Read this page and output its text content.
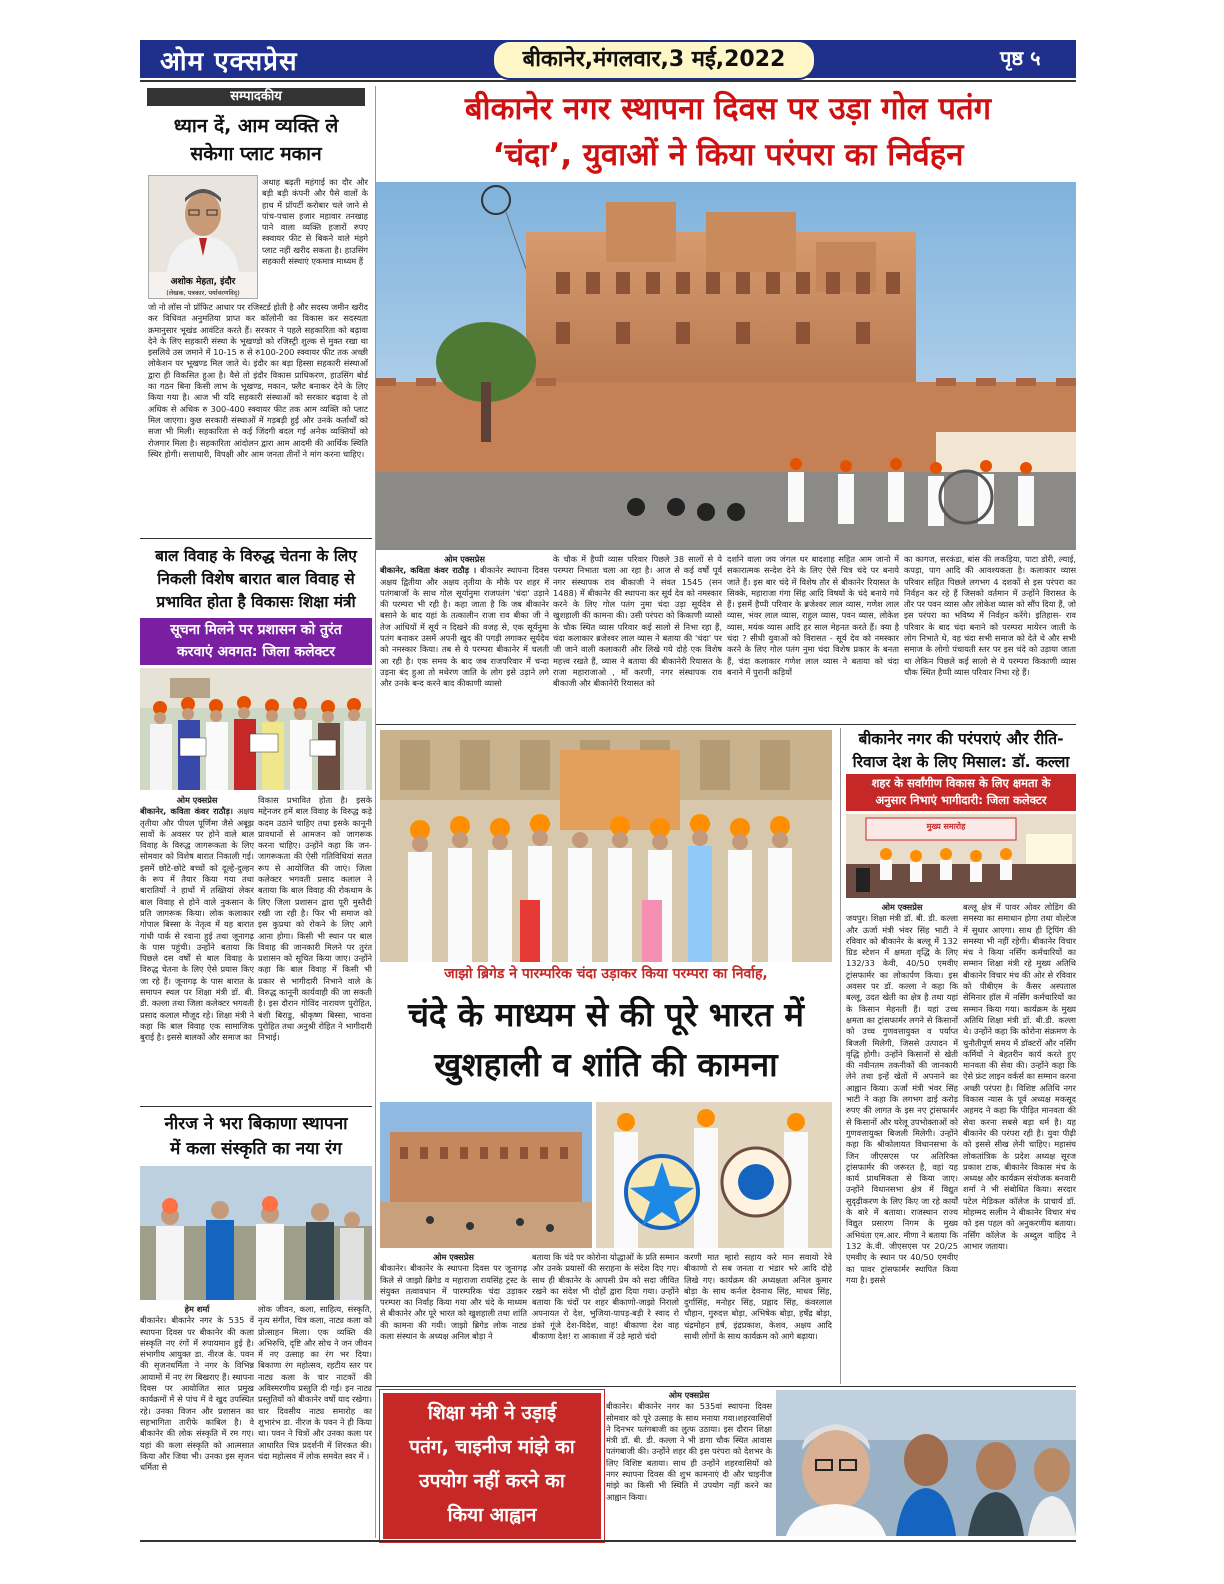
ओम एक्सप्रेस	बीकानेर,मंगलवार,3 मई,2022	पृष्ठ ५
सम्पादकीय
ध्यान दें, आम व्यक्ति ले
सकेगा प्लाट मकान
अशोक मेहता, इंदौर
(लेखक, पत्रकार, पर्यावरणविद्)
अथाह बढ़ती महंगाई का दौर और बड़ी बड़ी कंपनी और पैसे वालों के हाथ में प्रॉपर्टी करोबार चले जाने से पांच-पचास हजार महावार तनखाह पाने वाला व्यक्ति हजारों रुपए स्क्वायर फीट से बिकने वाले मंहगे प्लाट नहीं खरीद सकता है। हाउसिंग सहकारी संस्थाएं एकमात्र माध्यम हैं
जो नो लॉस नो प्रॉफिट आधार पर रजिस्टर्ड होती है और सदस्य जमीन खरीद कर विधिवत अनुमतिया प्राप्त कर कॉलोनी का विकास कर सदस्यता क्रमानुसार भूखंड आवंटित करते हैं। सरकार ने पहले सहकारिता को बढ़ावा देने के लिए सहकारी संस्था के भूखण्डो को रजिस्ट्री शुल्क से मुक्त रखा था इसलिये उस जमाने में 10-15 रु से रु100-200 स्क्वायर फीट तक अच्छी लोकेशन पर भूखण्ड मिल जाते थे। इंदौर का बड़ा हिस्सा सहकारी संस्थाओं द्वारा ही विकसित हुआ है। वैसे तो इंदौर विकास प्राधिकरण, हाउसिंग बोर्ड का गठन बिना किसी लाभ के भूखण्ड, मकान, फ्लैट बनाकर देने के लिए किया गया है। आज भी यदि सहकारी संस्थाओं को सरकार बढ़ावा दे तो अधिक से अधिक रु 300-400 स्क्वायर फीट तक आम व्यक्ति को प्लाट मिल जाएगा। कुछ सरकारी संस्थाओं में गड़बड़ी हुई और उनके कर्तार्थों को सजा भी मिली। सहकारिता से कई जिंदगी बदल गई अनेक व्यक्तियों को रोजगार मिला है। सहकारिता आंदोलन द्वारा आम आदमी की आर्थिक स्थिति स्थिर होगी। सत्ताधारी, विपक्षी और आम जनता तीनों ने मांग करना चाहिए।
बाल विवाह के विरुद्ध चेतना के लिए
निकली विशेष बारात बाल विवाह से
प्रभावित होता है विकासः शिक्षा मंत्री
सूचना मिलने पर प्रशासन को तुरंत
करवाएं अवगत: जिला कलेक्टर
ओम एक्सप्रेस
बीकानेर, कविता कंवर राठौड़। अक्षय तृतीया और पीपल पूर्णिमा जैसे अबूझ सावों के अवसर पर होने वाले बाल विवाह के विरुद्ध जागरूकता के लिए सोमवार को विशेष बारात निकाली गई। इसमें छोटे-छोटे बच्चों को दूल्हे-दुल्हन के रूप में तैयार किया गया तथा बारातियों ने हाथों में तख्तियां लेकर बाल विवाह से होने वाले नुकसान के प्रति जागरूक किया। लोक कलाकार गोपाल बिस्सा के नेतृत्व में यह बारात गांधी पार्क से रवाना हुई तथा जूनागढ़ के पास पहुंची। उन्होंने बताया कि पिछले दस वर्षों से बाल विवाह के विरुद्ध चेतना के लिए ऐसे प्रयास किए जा रहे हैं। जूनागढ़ के पास बारात के समापन स्थल पर शिक्षा मंत्री डॉ. बी. डी. कल्ला तथा जिला कलेक्टर भगवती प्रसाद कलाल मौजूद रहे। शिक्षा मंत्री ने कहा कि बाल विवाह एक सामाजिक बुराई है। इससे बालकों और समाज का
विकास प्रभावित होता है। इसके मद्देनजर हमें बाल विवाह के विरुद्ध कड़े कदम उठाने चाहिए तथा इसके कानूनी प्रावधानों से आमजन को जागरूक करना चाहिए। उन्होंने कहा कि जन-जागरूकता की ऐसी गतिविधियां सतत रूप से आयोजित की जाएं। जिला कलेक्टर भगवती प्रसाद कलाल ने बताया कि बाल विवाह की रोकथाम के लिए जिला प्रशासन द्वारा पूरी मुस्तैदी रखी जा रही है। फिर भी समाज को इस कुप्रथा को रोकने के लिए आगे आना होगा। किसी भी स्थान पर बाल विवाह की जानकारी मिलने पर तुरंत प्रशासन को सूचित किया जाए। उन्होंने कहा कि बाल विवाह में किसी भी प्रकार से भागीदारी निभाने वाले के विरुद्ध कानूनी कार्यवाही की जा सकती है। इस दौरान गोविंद नारायण पुरोहित, बंशी बिराडु, श्रीकृष्ण बिस्सा, भावना पुरोहित तथा अनुश्री रोहित ने भागीदारी निभाई।
नीरज ने भरा बिकाणा स्थापना
में कला संस्कृति का नया रंग
हेम शर्मा
बीकानेर। बीकानेर नगर के 535 वें स्थापना दिवस पर बीकानेर की कला संस्कृति नए रंगों में रुपायमान हुई है। संभागीय आयुक्त डा. नीरज के. पवन की सृजनधर्मिता ने नगर के विभिन्न आयामों में नए रंग बिखराए हैं। स्थापना दिवस पर आयोजित सात प्रमुख कार्यक्रमों में से पांच में वे खुद उपस्थित रहे। उनका विजन और प्रशासन का सहभागिता तारीफे काबिल है। वे बीकानेर की लोक संस्कृति में रम गए। यहां की कला संस्कृति को आत्मसात किया और जिया भी। उनका इस सृजन धर्मिता से
लोक जीवन, कला, साहित्य, संस्कृति, नृत्य संगीत, चित्र कला, नाट्य कला को प्रोत्साहन मिला। एक व्यक्ति की अभिरुचि, दृष्टि और सोच ने जन जीवन में नए उत्साह का रंग भर दिया। बिकाणा रंग महोत्सव, रहटीय स्तर पर नाट्य कला के चार नाटकों की अविस्मरणीय प्रस्तुति दी गई। इन नाट्य प्रस्तुतियों को बीकानेर वर्षो याद रखेगा। चार दिवसीय नाट्य समारोह का शुभारंभ डा. नीरज के पवन ने ही किया था। पवन ने चित्रों और उनका कला पर आधारित चित्र प्रदर्शनी में शिरकत की। चंदा महोत्सव में लोक समवेत स्वर में ।
बीकानेर नगर स्थापना दिवस पर उड़ा गोल पतंग
‘चंदा’, युवाओं ने किया परंपरा का निर्वहन
ओम एक्सप्रेस
बीकानेर, कविता कंवर राठौड़ । बीकानेर स्थापना दिवस अक्षय द्वितीया और अक्षय तृतीया के मौके पर शहर में पतंगबाजों के साथ गोल सूर्यानुमा राजपतंग 'चंदा' उड़ाने की परम्परा भी रही है। कहा जाता है कि जब बीकानेर बसाने के बाद यहां के तत्कालीन राजा राव बीका जी ने तेज आंधियों में सूर्य न दिखने की वजह से, एक सूर्यनुमा पतंग बनाकर उसमें अपनी खुद की पगड़ी लगाकर सूर्यदेव को नमस्कार किया। तब से ये परम्परा बीकानेर में चलती आ रही है। एक समय के बाद जब राजपरिवार में चन्दा उड़ना बंद हुआ तो मथेरण जाति के लोग इसे उड़ाने लगे और उनके बन्द करने बाद कीकाणी व्यासो
के चौक में हैप्पी व्यास परिवार पिछले 38 सालों से ये परम्परा निभाता चला आ रहा है। आज से कई वर्षों पूर्व नगर संस्थापक राव बीकाजी ने संवत 1545 (सन 1488) में बीकानेर की स्थापना कर सूर्य देव को नमस्कार करने के लिए गोल पतंग नुमा चंदा उड़ा सूर्यदेव से खुशहाली की कामना की। उसी परंपरा को किकाणी व्यासो के चौक स्थित व्यास परिवार कई सालो से निभा रहा हैं, चंदा कलाकार ब्रजेश्वर लाल व्यास ने बताया की 'चंदा' पर जी जाने वाली कलाकारी और लिखे गये दोहे एक विशेष महत्त्व रखते हैं, व्यास ने बताया की बीकानेरी रियासत के राजा महाराजाओ , माँ करणी, नगर संस्थापक राव बीकाजी और बीकानेरी रियासत को
दर्शाने वाला जय जंगल धर बादशाह सहित आम जानो में सकारात्मक सन्देश देने के लिए ऐसे चित्र चंदे पर बनाये जाते हैं। इस बार चंदे में विशेष तौर से बीकानेर रियासत के सिक्के, महाराजा गंगा सिंह आदि विषयों के चंदे बनाये गये हैं। इसमें हैप्पी परिवार के ब्रजेश्वर लाल व्यास, गणेश लाल व्यास, भंवर लाल व्यास, राहुल व्यास, पवन व्यास, लोकेश व्यास, मयंक व्यास आदि हर साल मेहनत करते हैं। क्या है चंदा ? सीधी युवाओं को विरासत - सूर्य देव को नमस्कार करने के लिए गोल पतंग नुमा चंदा विशेष प्रकार के बनता हैं, चंदा कलाकार गणेश लाल व्यास ने बताया को चंदा बनाने में पुरानी कड़ियों
का कागज, सरकंडा, बांस की लकड़िया, पाटा डोरी, ल्याई, कपड़ा, पाग आदि की आवश्यकता है। कलाकार व्यास परिवार सहित पिछले लगभग 4 दशकों से इस परंपरा का निर्वहन कर रहे हैं जिसको वर्तमान में उन्होंने विरासत के तौर पर पवन व्यास और लोकेश व्यास को सौंप दिया हैं, जो इस परंपरा का भविष्य में निर्वहन करेंगे। इतिहास- राव परिवार के बाद चंदा बनाने को परम्परा मायेरन जाती के लोग निभाते थे, वह चंदा सभी समाज को देते थे और सभी समाज के लोगो पंचायती स्तर पर इस चंदे को उड़ाया जाता था लेकिन पिछले कई सालो से ये परम्परा किकाणी व्यास चौक स्थित हैप्पी व्यास परिवार निभा रहे हैं।
जाझो ब्रिगेड ने पारम्परिक चंदा उड़ाकर किया परम्परा का निर्वाह,
चंदे के माध्यम से की पूरे भारत में
खुशहाली व शांति की कामना
ओम एक्सप्रेस
बीकानेर। बीकानेर के स्थापना दिवस पर जूनागढ़ किले से जाझो ब्रिगेड व महाराजा रायसिंह ट्रस्ट के संयुक्त तत्वावधान में पारम्परिक चंदा उड़ाकर परम्परा का निर्वाह किया गया और चंदे के माध्यम से बीकानेर और पूरे भारत को खुशहाली तथा शांति की कामना की गयी। जाझो ब्रिगेड लोक नाट्य कला संस्थान के अध्यक्ष अनिल बोड़ा ने
बताया कि चंदे पर कोरोना योद्धाओं के प्रति सम्मान और उनके प्रयासों की सराहना के संदेश दिए गए। साथ ही बीकानेर के आपसी प्रेम को सदा जीवित रखने का संदेश भी दोहों द्वारा दिया गया। उन्होंने बताया कि चंदों पर शहर बीकाणो-जाझो निरालो अपनायत रो देश, भुजिया-पापड़-बड़ी रे स्वाद रो डंको गूंजे देश-विदेश, वाह! बीकाणा देश वाह बीकाणा देश! रा आकाशा में उड़े म्हारो चंदो
करणी मात म्हारो सहाय करे मान सवायो रेवे बीकाणो रो सब जनता रा भंडार भरे आदि दोहे लिखे गए। कार्यक्रम की अध्यक्षता अनिल कुमार बोड़ा के साथ कर्नल देवनाथ सिंह, माधव सिंह, दुर्गासिंह, मनोहर सिंह, प्रह्लाद सिंह, कंवरलाल चौहान, गुरुदत्त बोड़ा, अभिषेक बोड़ा, हर्षेंद्र बोड़ा, चंद्रमोहन हर्ष, इंद्रप्रकाश, केशव, अक्षय आदि साथी लोगों के साथ कार्यक्रम को आगे बढ़ाया।
शिक्षा मंत्री ने उड़ाई
पतंग, चाइनीज मांझे का
उपयोग नहीं करने का
किया आह्वान
ओम एक्सप्रेस
बीकानेर। बीकानेर नगर का 535वां स्थापना दिवस सोमवार को पूरे उत्साह के साथ मनाया गया।शहरवासियों ने दिनभर पतंगबाजी का लुत्फ उठाया। इस दौरान शिक्षा मंत्री डॉ. बी. डी. कल्ला ने भी डागा चौक स्थित आवास पतंगबाजी की। उन्होंने शहर की इस परंपरा को देशभर के लिए विशिष्ट बताया। साथ ही उन्होंने शहरवासियों को नगर स्थापना दिवस की शुभ कामनाएं दी और चाइनीज मांझे का किसी भी स्थिति में उपयोग नहीं करने का आह्वान किया।
बीकानेर नगर की परंपराएं और रीति-
रिवाज देश के लिए मिसाल: डॉ. कल्ला
शहर के सर्वांगीण विकास के लिए क्षमता के
अनुसार निभाएं भागीदारी: जिला कलेक्टर
मुख्य समारोह
ओम एक्सप्रेस
जयपुर। शिक्षा मंत्री डॉ. बी. डी. कल्ला और ऊर्जा मंत्री भंवर सिंह भाटी ने रविवार को बीकानेर के बल्लू में 132 ग्रिड स्टेशन में क्षमता वृद्धि के लिए 132/33 केवी, 40/50 एमवीए ट्रांसफार्मर का लोकार्पण किया। इस अवसर पर डॉ. कल्ला ने कहा कि बल्लू, उदत खेती का क्षेत्र है तथा यहां के किसान मेहनती हैं। यहां उच्च क्षमता का ट्रांसफार्मर लगने से किसानों को उच्च गुणवत्तायुक्त व पर्याप्त बिजली मिलेगी, जिससे उत्पादन में वृद्धि होगी। उन्होंने किसानों से खेती की नवीनतम तकनीकों की जानकारी लेने तथा इन्हें खेतों में अपनाने का आह्वान किया। ऊर्जा मंत्री भंवर सिंह भाटी ने कहा कि लगभग ढाई करोड़ रुपए की लागत के इस नए ट्रांसफार्मर से किसानों और घरेलू उपभोक्ताओं को गुणवत्तायुक्त बिजली मिलेगी। उन्होंने कहा कि श्रीकोलायत विधानसभा के जिन जीएसएस पर अतिरिक्त ट्रांसफार्मर की जरूरत है, वहां यह कार्य प्राथमिकता से किया जाए। उन्होंने विधानसभा क्षेत्र में विद्युत सुदृढ़ीकरण के लिए किए जा रहे कार्यों के बारे में बताया। राजस्थान राज्य विद्युत प्रसारण निगम के मुख्य अभियंता एम.आर. मीणा ने बताया कि 132 के.वी. जीएसएस पर 20/25 एमवीए के स्थान पर 40/50 एमवीए का पावर ट्रांसफार्मर स्थापित किया गया है। इससे
बल्लू क्षेत्र में पावर ओवर लोडिंग की समस्या का समाधान होगा तथा वोल्टेज में सुधार आएगा। साथ ही ट्रिपिंग की समस्या भी नहीं रहेगी। बीकानेर विचार मंच ने किया नर्सिंग कर्मचारियों का सम्मान शिक्षा मंत्री रहे मुख्य अतिथि बीकानेर विचार मंच की ओर से रविवार को पीबीएम के कैंसर अस्पताल सेमिनार हॉल में नर्सिंग कर्मचारियों का सम्मान किया गया। कार्यक्रम के मुख्य अतिथि शिक्षा मंत्री डॉ. बी.डी. कल्ला थे। उन्होंने कहा कि कोरोना संक्रमण के चुनौतीपूर्ण समय में डॉक्टरों और नर्सिंग कर्मियों ने बेहतरीन कार्य करते हुए मानवता की सेवा की। उन्होंने कहा कि ऐसे फ्रंट लाइन वर्कर्स का सम्मान करना अच्छी परंपरा है। विशिष्ट अतिथि नगर विकास न्यास के पूर्व अध्यक्ष मकसूद अहमद ने कहा कि पीड़ित मानवता की सेवा करना सबसे बड़ा धर्म है। यह बीकानेर की परंपरा रही है। युवा पीढ़ी को इससे सीख लेनी चाहिए। महासंघ लोकतांत्रिक के प्रदेश अध्यक्ष सूरज प्रकाश टाक, बीकानेर विकास मंच के अध्यक्ष और कार्यक्रम संयोजक बनवारी शर्मा ने भी संबोधित किया। सरदार पटेल मेडिकल कॉलेज के प्राचार्य डॉ. मोहम्मद सलीम ने बीकानेर विचार मंच को इस पहल को अनुकरणीय बताया। नर्सिंग कॉलेज के अब्दुल वाहिद ने आभार जताया।
